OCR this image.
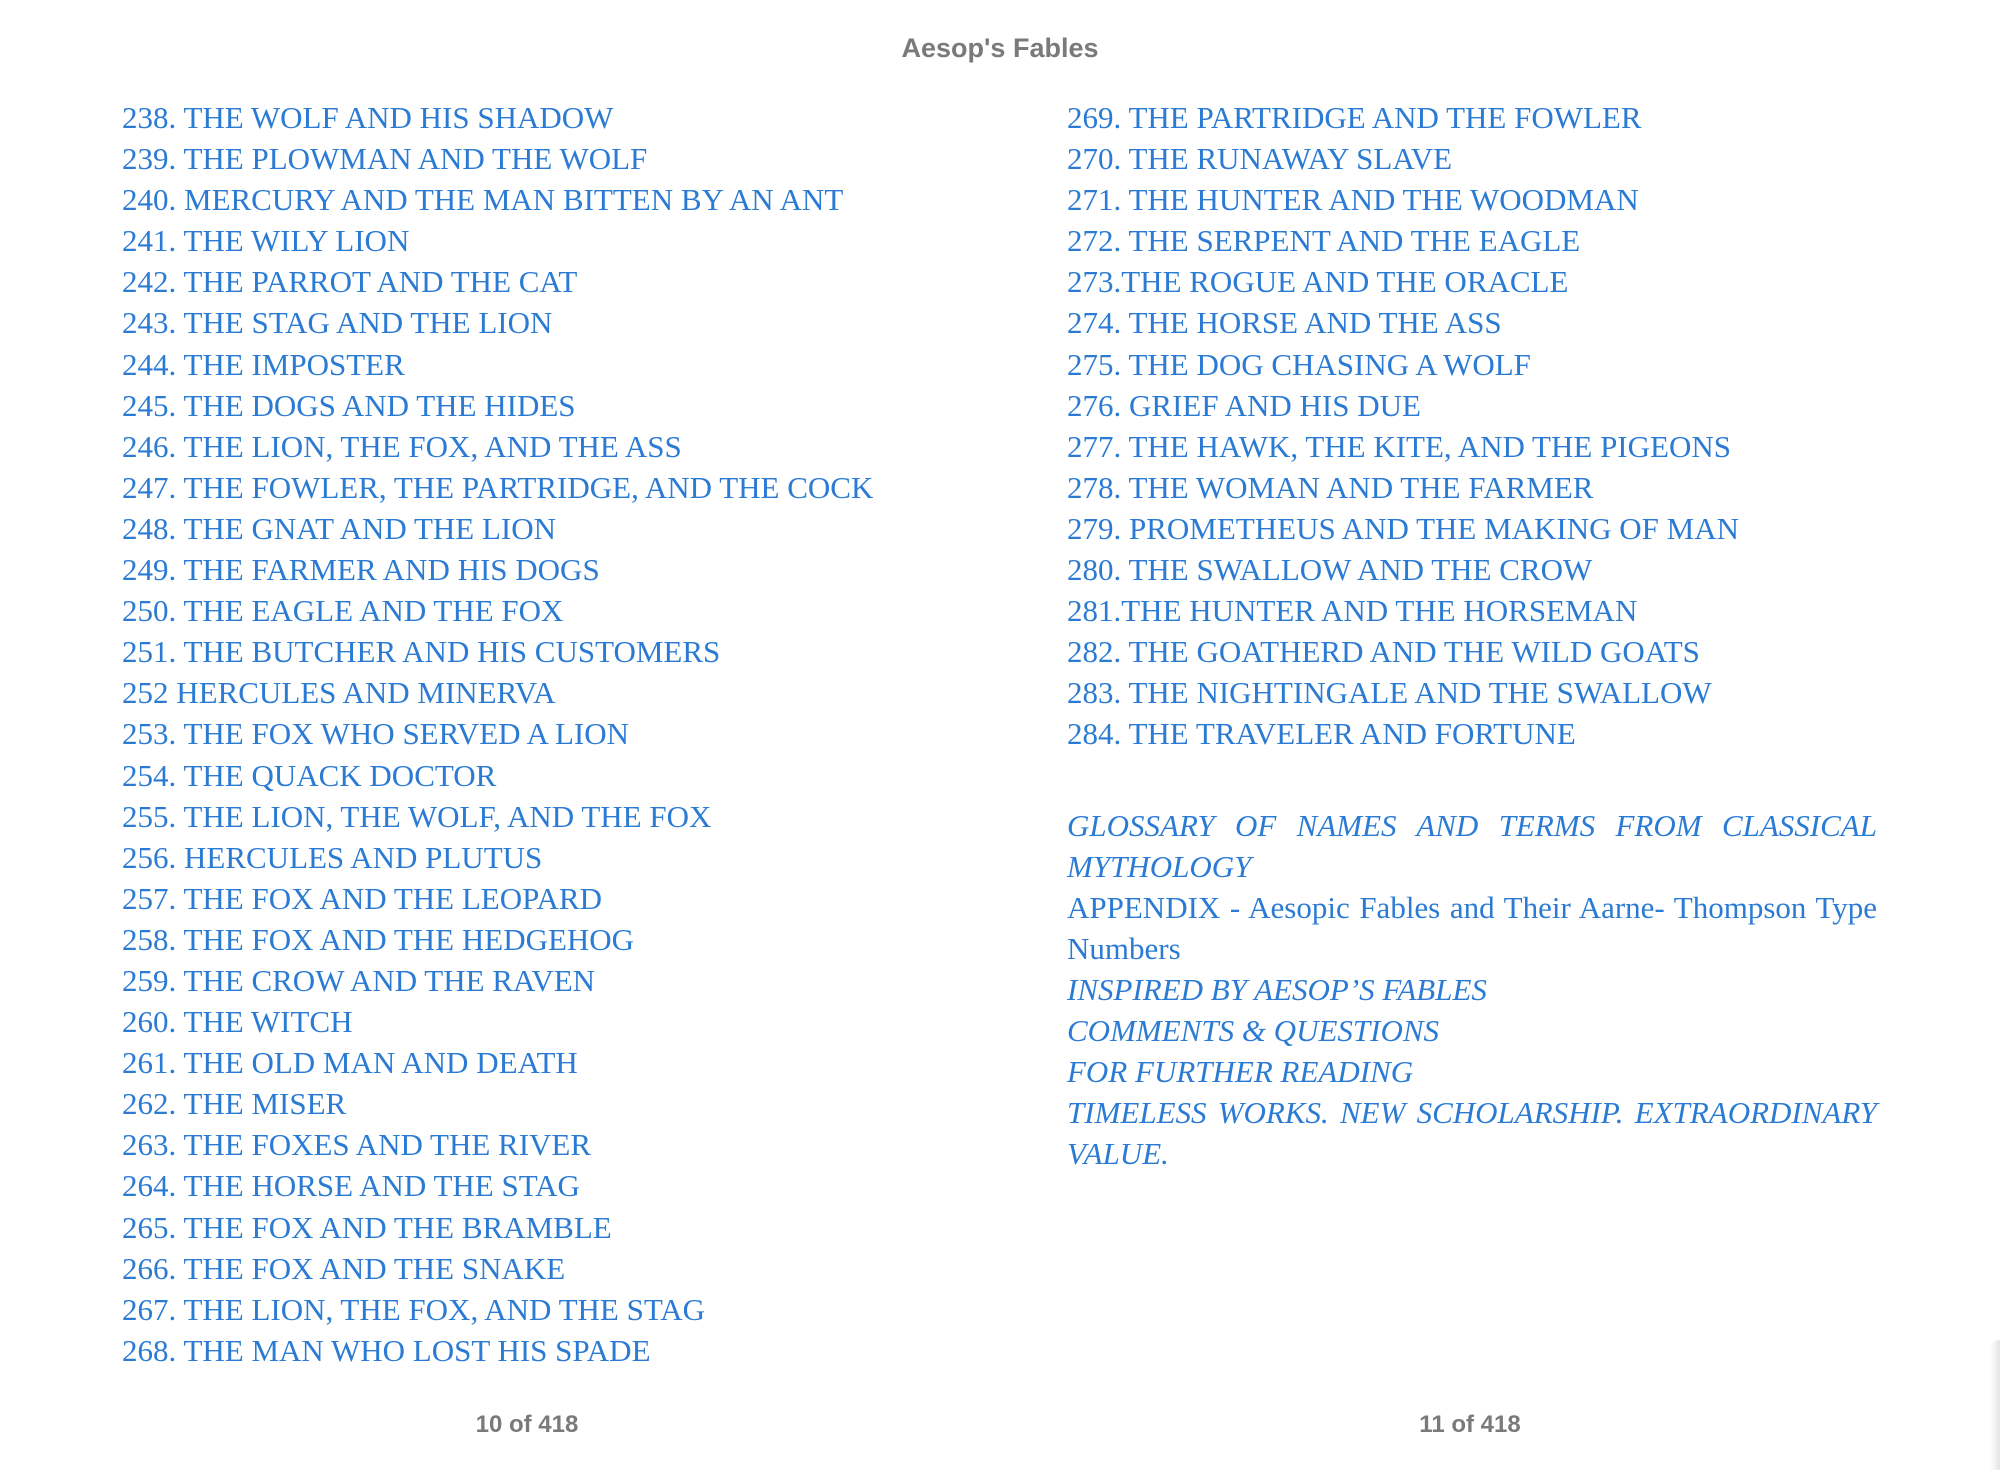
Aesop's Fables
238. THE WOLF AND HIS SHADOW
239. THE PLOWMAN AND THE WOLF
240. MERCURY AND THE MAN BITTEN BY AN ANT
241. THE WILY LION
242. THE PARROT AND THE CAT
243. THE STAG AND THE LION
244. THE IMPOSTER
245. THE DOGS AND THE HIDES
246. THE LION, THE FOX, AND THE ASS
247. THE FOWLER, THE PARTRIDGE, AND THE COCK
248. THE GNAT AND THE LION
249. THE FARMER AND HIS DOGS
250. THE EAGLE AND THE FOX
251. THE BUTCHER AND HIS CUSTOMERS
252 HERCULES AND MINERVA
253. THE FOX WHO SERVED A LION
254. THE QUACK DOCTOR
255. THE LION, THE WOLF, AND THE FOX
256. HERCULES AND PLUTUS
257. THE FOX AND THE LEOPARD
258. THE FOX AND THE HEDGEHOG
259. THE CROW AND THE RAVEN
260. THE WITCH
261. THE OLD MAN AND DEATH
262. THE MISER
263. THE FOXES AND THE RIVER
264. THE HORSE AND THE STAG
265. THE FOX AND THE BRAMBLE
266. THE FOX AND THE SNAKE
267. THE LION, THE FOX, AND THE STAG
268. THE MAN WHO LOST HIS SPADE
269. THE PARTRIDGE AND THE FOWLER
270. THE RUNAWAY SLAVE
271. THE HUNTER AND THE WOODMAN
272. THE SERPENT AND THE EAGLE
273.THE ROGUE AND THE ORACLE
274. THE HORSE AND THE ASS
275. THE DOG CHASING A WOLF
276. GRIEF AND HIS DUE
277. THE HAWK, THE KITE, AND THE PIGEONS
278. THE WOMAN AND THE FARMER
279. PROMETHEUS AND THE MAKING OF MAN
280. THE SWALLOW AND THE CROW
281.THE HUNTER AND THE HORSEMAN
282. THE GOATHERD AND THE WILD GOATS
283. THE NIGHTINGALE AND THE SWALLOW
284. THE TRAVELER AND FORTUNE
GLOSSARY OF NAMES AND TERMS FROM CLASSICAL MYTHOLOGY
APPENDIX - Aesopic Fables and Their Aarne- Thompson Type Numbers
INSPIRED BY AESOP’S FABLES
COMMENTS & QUESTIONS
FOR FURTHER READING
TIMELESS WORKS. NEW SCHOLARSHIP. EXTRAORDINARY VALUE.
10 of 418	11 of 418
